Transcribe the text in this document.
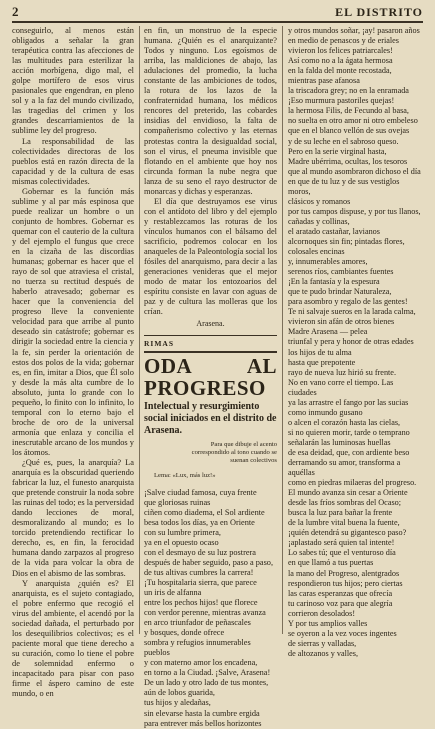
2	EL DISTRITO

conseguirlo, al menos están obligados a señalar la gran terapéutica contra las afecciones de las multitudes para esterilizar la acción morbígena, digo mal, el golpe mortífero de esos virus pasionales que engendran, en pleno sol y a la faz del mundo civilizado, las tragedias del crimen y los grandes descarriamientos de la sublime ley del progreso.

La responsabilidad de las colectividades directoras de los pueblos está en razón directa de la capacidad y de la cultura de esas mismas colectividades.

Gobernar es la función más sublime y al par más espinosa que puede realizar un hombre o un conjunto de hombres. Gobernar es quemar con el cauterio de la cultura y del ejemplo el fungus que crece en la cizaña de las discordias humanas; gobernar es hacer que el rayo de sol que atraviesa el cristal, no tuerza su rectitud después de haberlo atravesado; gobernar es hacer que la conveniencia del progreso lleve la conveniente velocidad para que arribe al punto deseado sin catástrofe; gobernar es dirigir la sociedad entre la ciencia y la fe, sin perder la orientación de estos dos polos de la vida; gobernar es, en fin, imitar a Dios, que Él solo y desde la más alta cumbre de lo absoluto, junta lo grande con lo pequeño, lo finito con lo infinito, lo temporal con lo eterno bajo el broche de oro de la universal armonía que enlaza y concilia el inescrutable arcano de los mundos y los átomos.

¿Qué es, pues, la anarquía? La anarquía es la obscuridad queriendo fabricar la luz, el funesto anarquista que pretende construir la noda sobre las ruinas del todo; es la perversidad dando lecciones de moral, desmoralizando al mundo; es lo torcido pretendiendo rectificar lo derecho, es, en fin, la ferocidad humana dando zarpazos al progreso de la vida para volcar la obra de Dios en el abismo de las sombras.

Y anarquista ¿quién es? El anarquista, es el sujeto contagiado, el pobre enfermo que recogió el virus del ambiente, el acendó por la sociedad dañada, el perturbado por los desequilibrios colectivos; es el paciente moral que tiene derecho a su curación, como lo tiene el pobre de solemnidad enfermo o incapacitado para pisar con paso firme el áspero camino de este mundo, o en

en fin, un monstruo de la especie humana. ¿Quién es el anarquizante? Todos y ninguno. Los egoísmos de arriba, las maldiciones de abajo, las adulaciones del promedio, la lucha constante de las ambiciones de todos, la rotura de los lazos de la confraternidad humana, los médicos rencores del preterido, las cobardes insidias del envidioso, la falta de compañerismo colectivo y las eternas protestas contra la desigualdad social, son el virus, el pneuma invisible que flotando en el ambiente que hoy nos circunda forman la nube negra que lanza de su seno el rayo destructor de monarcas y dichas y esperanzas.

El día que destruyamos ese virus con el antídoto del libro y del ejemplo y restablezcamos las roturas de los vínculos humanos con el bálsamo del sacrificio, podremos colocar en los anaqueles de la Paleontología social los fósiles del anarquismo, para decir a las generaciones venideras que el mejor modo de matar los entozoarios del espíritu consiste en lavar con aguas de paz y de cultura las molleras que los crían.

Arasena.
RIMAS
ODA AL PROGRESO
Intelectual y resurgimiento social iniciados en el distrito de Arasena.
Para que dibuje el acento correspondido al tono cuando se suenan colectivos
Lema: «Lux, más luz!»
¡Salve ciudad famosa, cuya frente
que gloriosas ruinas
ciñen como diadema, el Sol ardiente
besa todos los días, ya en Oriente
con su lumbre primera,
ya en el opuesto ocaso
con el desmayo de su luz postrera
después de haber seguido, paso a paso,
de tus altivas cumbres la carrera!
¡Tu hospitalaria sierra, que parece
un iris de alfanna
entre los pechos hijos! que florece
con verdor perenne, mientras avanza
en arco triunfador de peñascales
y bosques, donde ofrece
sombra y refugios innumerables pueblos
y con materno amor los encadena,
en torno a la Ciudad. ¡Salve, Arasena!
De un lado y otro lado de tus montes,
aún de lobos guarida,
tus hijos y aledañas,
sin elevarse hasta la cumbre ergida
para entrever más bellos horizontes
y otros mundos soñar, ¡ay! pasaron años
en medio de penascos y de eriales
vivieron los felices patriarcales!
Así como no a la ágata hermosa
en la falda del monte recostada,
mientras pase afanosa
la triscadora grey; no en la enramada
¡Eso murmura pastoriles quejas!
la hermosa Filis, de Fecundo al basa,
no suelta en otro amor ni otro embeleso
que en el blanco vellón de sus ovejas
y de su leche en el sabroso queso.
Pero en la serie virginal hasta,
Madre ubérrima, ocultas, los tesoros
que al mundo asombraron dichoso el día
en que de tu luz y de sus vestiglos moros,
clásicos y romanos
por tus campos dispuse, y por tus llanos,
cañadas y collinas,
el aratado castañar, lavianos
alcornoques sin fin; pintadas flores,
colosales encinas
y, innumerables amores,
serenos ríos, cambiantes fuentes
¡En la fantasía y la espesura
que te pudo brindar Naturaleza,
para asombro y regalo de las gentes!
Te ni salvaje sueros en la larada calma,
vivieron sin afán de otros bienes
Madre Arasena — pelea
triunfal y pera y honor de otras edades
los hijos de tu alma
hasta que prepotente
rayo de nueva luz hirió su frente.
No en vano corre el tiempo. Las ciudades
ya las arrastre el fango por las sucias
como inmundo gusano
o alcen el corazón hasta las cielas,
si no quieren morir, tarde o temprano
señalarán las luminosas huellas
de esa deidad, que, con ardiente beso
derramando su amor, transforma a aquéllas
como en piedras milaeras del progreso.
El mundo avanza sin cesar a Oriente
desde las fríos sombras del Ocaso;
busca la luz para bañar la frente
de la lumbre vital buena la fuente,
¡quién detendrá su gigantesco paso?
¡aplastado será quien tal intente!
Lo sabes tú; que el venturoso día
en que llamó a tus puertas
la mano del Progreso, alentgrados
respondieron tus hijos; pero ciertas
las caras esperanzas que ofrecía
tu carinoso voz para que alegría
corrieron desolados!
Y por tus amplios valles
se oyeron a la vez voces ingentes
de sierras y valladas,
de altozanos y valles,
